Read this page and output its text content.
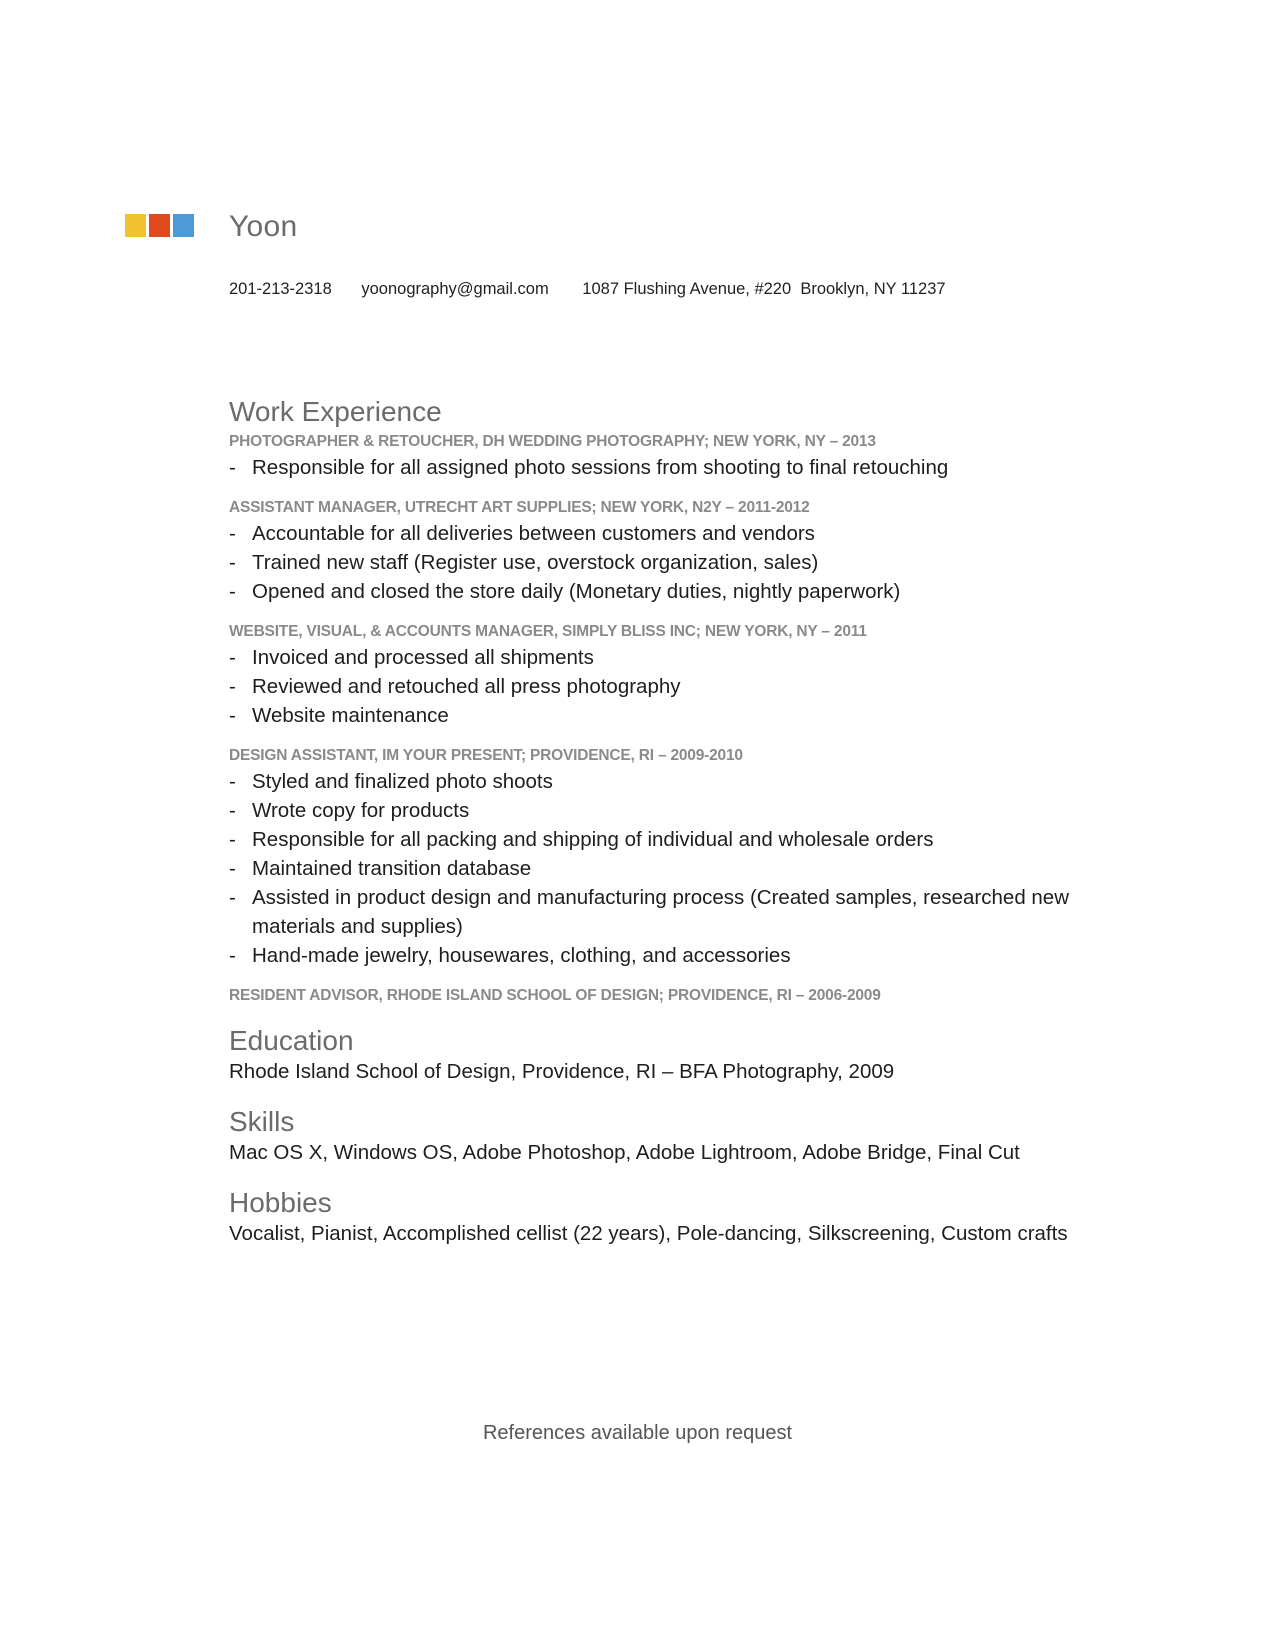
Yoon
201-213-2318 yoonography@gmail.com 1087 Flushing Avenue, #220  Brooklyn, NY 11237
Work Experience

PHOTOGRAPHER & RETOUCHER, DH WEDDING PHOTOGRAPHY; NEW YORK, NY – 2013

- Responsible for all assigned photo sessions from shooting to final retouching

ASSISTANT MANAGER, UTRECHT ART SUPPLIES; NEW YORK, N2Y – 2011-2012

- Accountable for all deliveries between customers and vendors
- Trained new staff (Register use, overstock organization, sales)
- Opened and closed the store daily (Monetary duties, nightly paperwork)

WEBSITE, VISUAL, & ACCOUNTS MANAGER, SIMPLY BLISS INC; NEW YORK, NY – 2011

- Invoiced and processed all shipments
- Reviewed and retouched all press photography
- Website maintenance

DESIGN ASSISTANT, IM YOUR PRESENT; PROVIDENCE, RI – 2009-2010

- Styled and finalized photo shoots
- Wrote copy for products
- Responsible for all packing and shipping of individual and wholesale orders
- Maintained transition database
- Assisted in product design and manufacturing process (Created samples, researched new materials and supplies)
- Hand-made jewelry, housewares, clothing, and accessories

RESIDENT ADVISOR, RHODE ISLAND SCHOOL OF DESIGN; PROVIDENCE, RI – 2006-2009

Education

Rhode Island School of Design, Providence, RI – BFA Photography, 2009

Skills

Mac OS X, Windows OS, Adobe Photoshop, Adobe Lightroom, Adobe Bridge, Final Cut

Hobbies

Vocalist, Pianist, Accomplished cellist (22 years), Pole-dancing, Silkscreening, Custom crafts

References available upon request
